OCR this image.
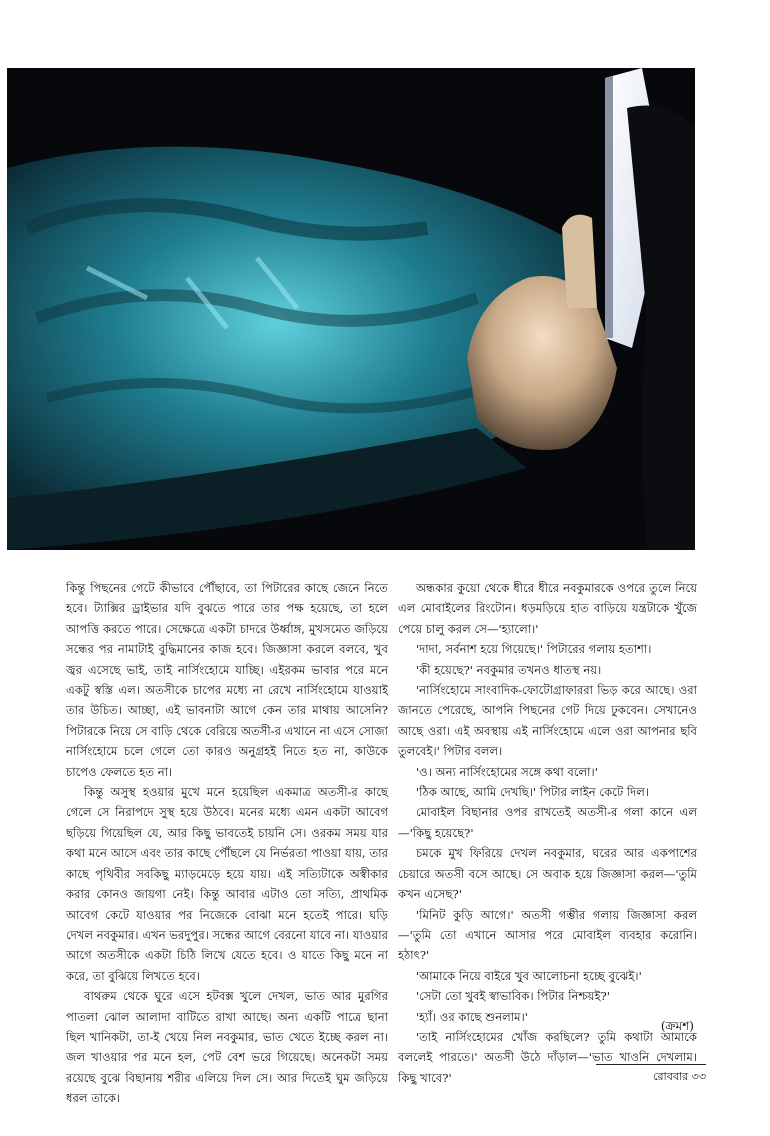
কিন্তু পিছনের গেটে কীভাবে পৌঁছাবে, তা পিটারের কাছে জেনে নিতে হবে। ট্যাক্সির ড্রাইভার যদি বুঝতে পারে তার পক্ষ হয়েছে, তা হলে আপত্তি করতে পারে। সেক্ষেত্রে একটা চাদরে উর্ধ্বাঙ্গ, মুখসমেত জড়িয়ে সন্ধের পর নামাটাই বুদ্ধিমানের কাজ হবে। জিজ্ঞাসা করলে বলবে, খুব জ্বর এসেছে ভাই, তাই নার্সিংহোমে যাচ্ছি। এইরকম ভাবার পরে মনে একটু স্বস্তি এল। অতসীকে চাপের মধ্যে না রেখে নার্সিংহোমে যাওয়াই তার উচিত। আচ্ছা, এই ভাবনাটা আগে কেন তার মাথায় আসেনি? পিটারকে নিয়ে সে বাড়ি থেকে বেরিয়ে অতসী-র এখানে না এসে সোজা নার্সিংহোমে চলে গেলে তো কারও অনুগ্রহই নিতে হত না, কাউকে চাপেও ফেলতে হত না।

কিন্তু অসুস্থ হওয়ার মুখে মনে হয়েছিল একমাত্র অতসী-র কাছে গেলে সে নিরাপদে সুস্থ হয়ে উঠবে। মনের মধ্যে এমন একটা আবেগ ছড়িয়ে গিয়েছিল যে, আর কিছু ভাবতেই চায়নি সে। ওরকম সময় যার কথা মনে আসে এবং তার কাছে পৌঁছলে যে নির্ভরতা পাওয়া যায়, তার কাছে পৃথিবীর সবকিছু ম্যাড়মেড়ে হয়ে যায়। এই সত্যিটাকে অস্বীকার করার কোনও জায়গা নেই। কিন্তু আবার এটাও তো সত্যি, প্রাথমিক আবেগ কেটে যাওয়ার পর নিজেকে বোঝা মনে হতেই পারে। ঘড়ি দেখল নবকুমার। এখন ভরদুপুর। সন্ধের আগে বেরনো যাবে না। যাওয়ার আগে অতসীকে একটা চিঠি লিখে যেতে হবে। ও যাতে কিছু মনে না করে, তা বুঝিয়ে লিখতে হবে।

বাথরুম থেকে ঘুরে এসে হটবক্স খুলে দেখল, ভাত আর মুরগির পাতলা ঝোল আলাদা বাটিতে রাখা আছে। অন্য একটি পাত্রে ছানা ছিল খানিকটা, তা-ই খেয়ে নিল নবকুমার, ভাত খেতে ইচ্ছে করল না। জল খাওয়ার পর মনে হল, পেট বেশ ভরে গিয়েছে। অনেকটা সময় রয়েছে বুঝে বিছানায় শরীর এলিয়ে দিল সে। আর দিতেই ঘুম জড়িয়ে ধরল তাকে।

অন্ধকার কুয়ো থেকে ধীরে ধীরে নবকুমারকে ওপরে তুলে নিয়ে এল মোবাইলের রিংটোন। ধড়মড়িয়ে হাত বাড়িয়ে যন্ত্রটাকে খুঁজে পেয়ে চালু করল সে—'হ্যালো।'

'দাদা, সর্বনাশ হয়ে গিয়েছে।' পিটারের গলায় হতাশা।

'কী হয়েছে?' নবকুমার তখনও ধাতস্থ নয়।

'নার্সিংহোমে সাংবাদিক-ফোটোগ্রাফাররা ভিড় করে আছে। ওরা জানতে পেরেছে, আপনি পিছনের গেট দিয়ে ঢুকবেন। সেখানেও আছে ওরা। এই অবস্থায় এই নার্সিংহোমে এলে ওরা আপনার ছবি তুলবেই।' পিটার বলল।

'ও। অন্য নার্সিংহোমের সঙ্গে কথা বলো।'

'ঠিক আছে, আমি দেখছি।' পিটার লাইন কেটে দিল।

মোবাইল বিছানার ওপর রাখতেই অতসী-র গলা কানে এল—'কিছু হয়েছে?'

চমকে মুখ ফিরিয়ে দেখল নবকুমার, ঘরের আর একপাশের চেয়ারে অতসী বসে আছে। সে অবাক হয়ে জিজ্ঞাসা করল—'তুমি কখন এসেছ?'

'মিনিট কুড়ি আগে।' অতসী গম্ভীর গলায় জিজ্ঞাসা করল—'তুমি তো এখানে আসার পরে মোবাইল ব্যবহার করোনি। হঠাৎ?'

'আমাকে নিয়ে বাইরে খুব আলোচনা হচ্ছে বুঝেই।'

'সেটা তো খুবই স্বাভাবিক। পিটার নিশ্চয়ই?'

'হ্যাঁ। ওর কাছে শুনলাম।'

'তাই নার্সিংহোমের খোঁজ করছিলে? তুমি কথাটা আমাকে বললেই পারতে।' অতসী উঠে দাঁড়াল—'ভাত খাওনি দেখলাম। কিছু খাবে?'

(ক্রমশ)
রোববার ৩৩
